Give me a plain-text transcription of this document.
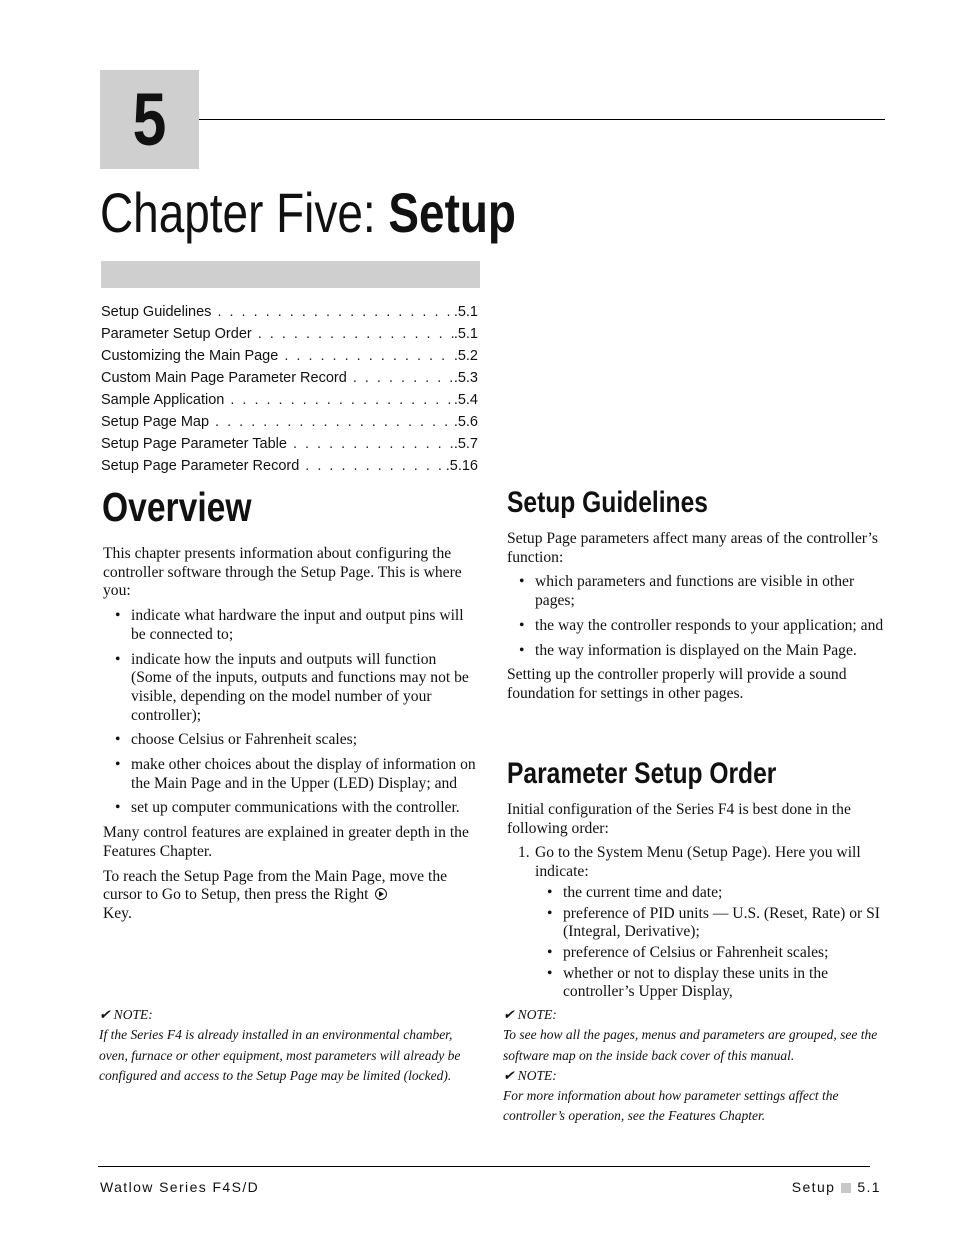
5
Chapter Five: Setup
Setup Guidelines . . .	.5.1
Parameter Setup Order . . .	.5.1
Customizing the Main Page . . .	.5.2
Custom Main Page Parameter Record . . .	.5.3
Sample Application . . .	.5.4
Setup Page Map . . .	.5.6
Setup Page Parameter Table . . .	.5.7
Setup Page Parameter Record . . .	.5.16
Overview

This chapter presents information about configuring the controller software through the Setup Page. This is where you:

• indicate what hardware the input and output pins will be connected to;
• indicate how the inputs and outputs will function (Some of the inputs, outputs and functions may not be visible, depending on the model number of your controller);
• choose Celsius or Fahrenheit scales;
• make other choices about the display of information on the Main Page and in the Upper (LED) Display; and
• set up computer communications with the controller.

Many control features are explained in greater depth in the Features Chapter.

To reach the Setup Page from the Main Page, move the cursor to Go to Setup, then press the Right
Key.

✔ NOTE:
If the Series F4 is already installed in an environmental chamber, oven, furnace or other equipment, most parameters will already be configured and access to the Setup Page may be limited (locked).
Setup Guidelines

Setup Page parameters affect many areas of the controller’s function:

• which parameters and functions are visible in other pages;
• the way the controller responds to your application; and
• the way information is displayed on the Main Page.

Setting up the controller properly will provide a sound foundation for settings in other pages.

Parameter Setup Order

Initial configuration of the Series F4 is best done in the following order:

1. Go to the System Menu (Setup Page). Here you will indicate:
• the current time and date;
• preference of PID units — U.S. (Reset, Rate) or SI (Integral, Derivative);
• preference of Celsius or Fahrenheit scales;
• whether or not to display these units in the controller’s Upper Display,
✔ NOTE:
To see how all the pages, menus and parameters are grouped, see the software map on the inside back cover of this manual.
✔ NOTE:
For more information about how parameter settings affect the controller’s operation, see the Features Chapter.
Watlow Series F4S/D	Setup 5.1
